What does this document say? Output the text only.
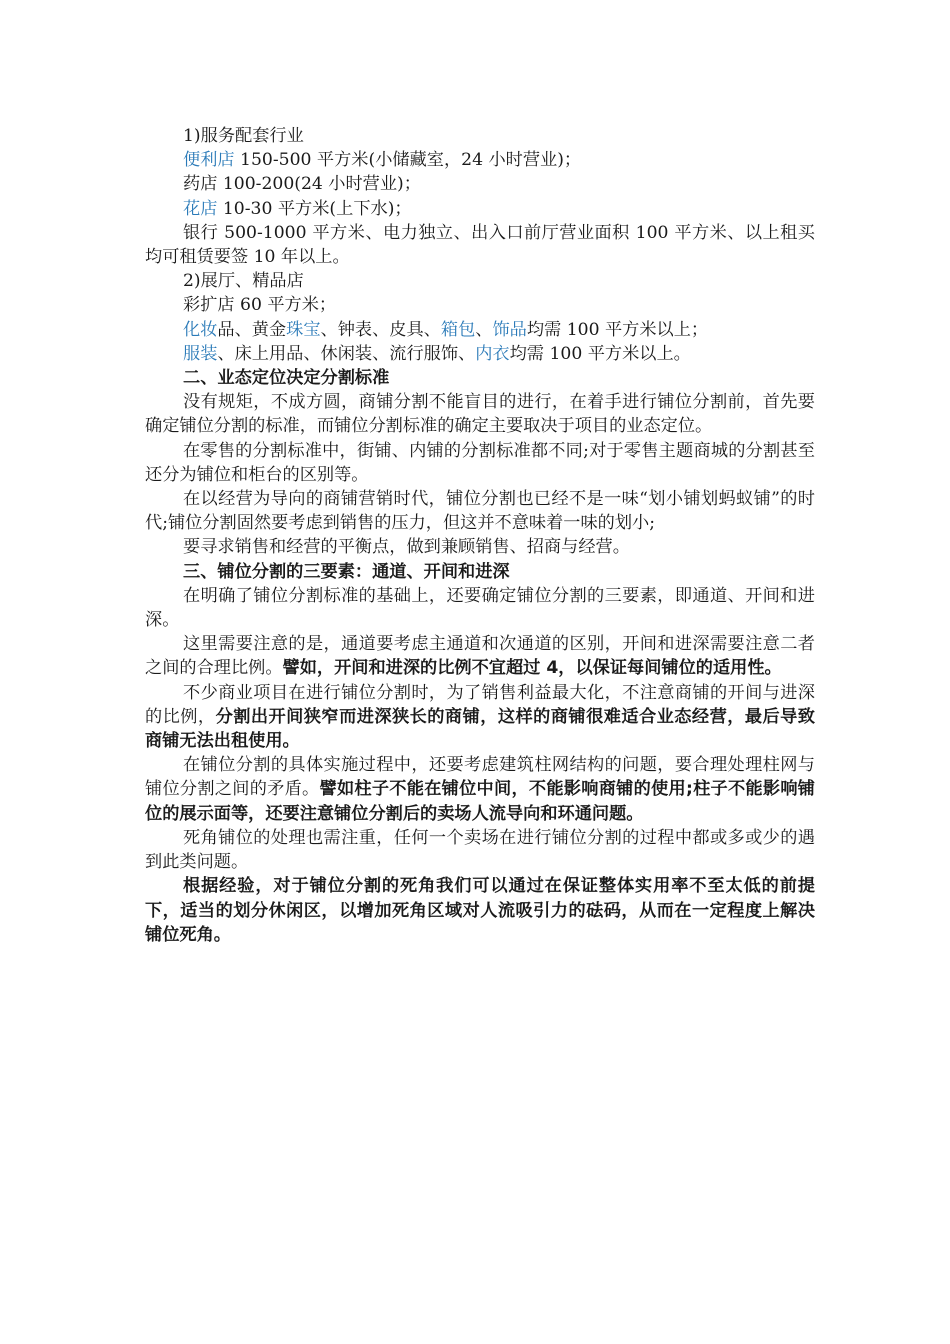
1)服务配套行业

便利店 150-500 平方米(小储藏室，24 小时营业)；

药店 100-200(24 小时营业)；

花店 10-30 平方米(上下水)；

银行 500-1000 平方米、电力独立、出入口前厅营业面积 100 平方米、以上租买均可租赁要签 10 年以上。

2)展厅、精品店

彩扩店 60 平方米；

化妆品、黄金珠宝、钟表、皮具、箱包、饰品均需 100 平方米以上；

服装、床上用品、休闲装、流行服饰、内衣均需 100 平方米以上。

二、业态定位决定分割标准

没有规矩，不成方圆，商铺分割不能盲目的进行，在着手进行铺位分割前，首先要确定铺位分割的标准，而铺位分割标准的确定主要取决于项目的业态定位。

在零售的分割标准中，街铺、内铺的分割标准都不同;对于零售主题商城的分割甚至还分为铺位和柜台的区别等。

在以经营为导向的商铺营销时代，铺位分割也已经不是一味“划小铺划蚂蚁铺”的时代;铺位分割固然要考虑到销售的压力，但这并不意味着一味的划小;

要寻求销售和经营的平衡点，做到兼顾销售、招商与经营。

三、铺位分割的三要素：通道、开间和进深

在明确了铺位分割标准的基础上，还要确定铺位分割的三要素，即通道、开间和进深。

这里需要注意的是，通道要考虑主通道和次通道的区别，开间和进深需要注意二者之间的合理比例。譬如，开间和进深的比例不宜超过 4，以保证每间铺位的适用性。

不少商业项目在进行铺位分割时，为了销售利益最大化，不注意商铺的开间与进深的比例，分割出开间狭窄而进深狭长的商铺，这样的商铺很难适合业态经营，最后导致商铺无法出租使用。

在铺位分割的具体实施过程中，还要考虑建筑柱网结构的问题，要合理处理柱网与铺位分割之间的矛盾。譬如柱子不能在铺位中间，不能影响商铺的使用;柱子不能影响铺位的展示面等，还要注意铺位分割后的卖场人流导向和环通问题。

死角铺位的处理也需注重，任何一个卖场在进行铺位分割的过程中都或多或少的遇到此类问题。

根据经验，对于铺位分割的死角我们可以通过在保证整体实用率不至太低的前提下，适当的划分休闲区，以增加死角区域对人流吸引力的砝码，从而在一定程度上解决铺位死角。
